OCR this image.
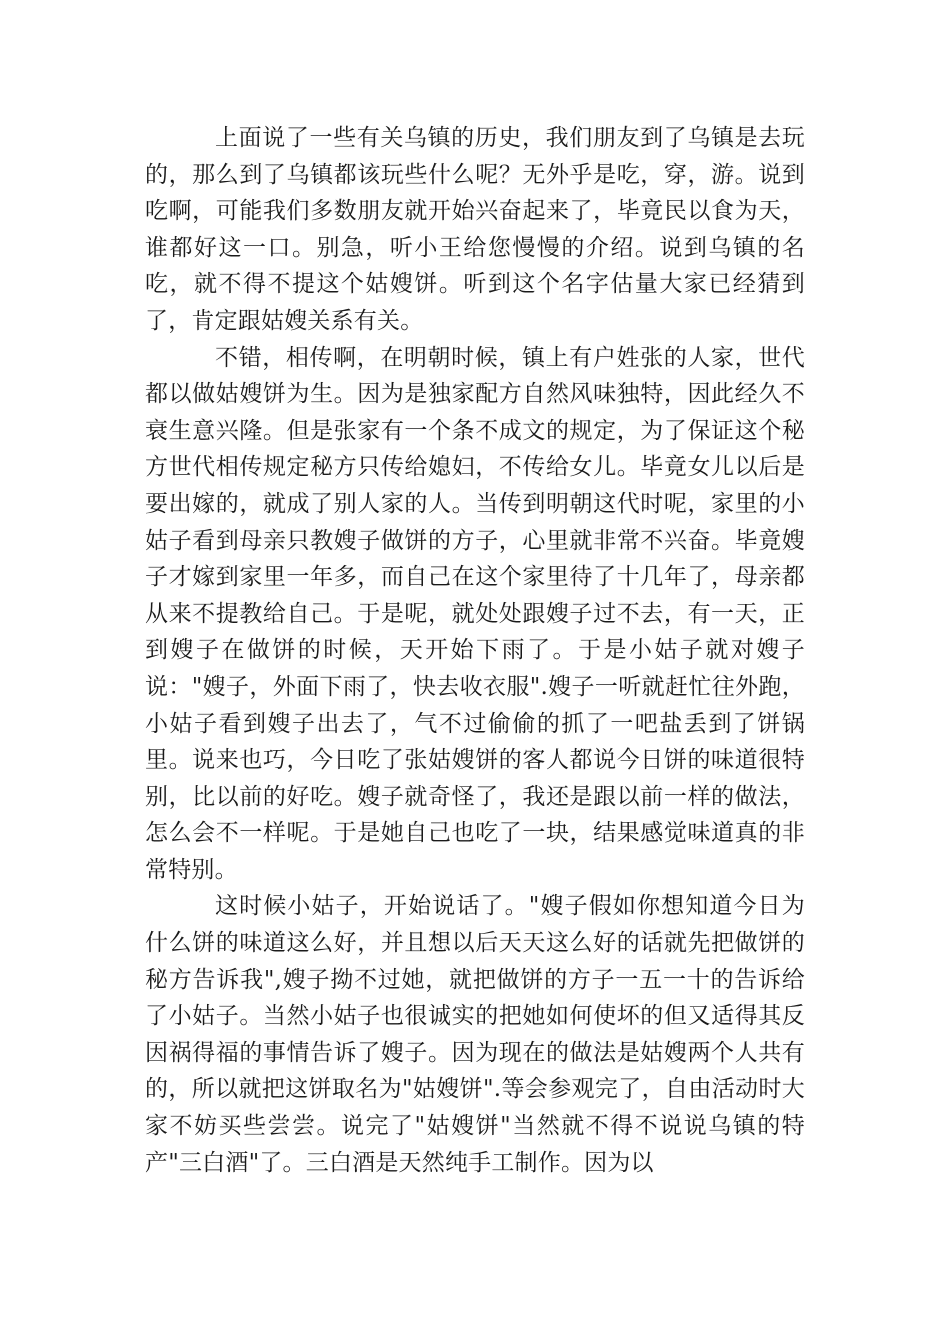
上面说了一些有关乌镇的历史，我们朋友到了乌镇是去玩的，那么到了乌镇都该玩些什么呢？无外乎是吃，穿，游。说到吃啊，可能我们多数朋友就开始兴奋起来了，毕竟民以食为天，谁都好这一口。别急，听小王给您慢慢的介绍。说到乌镇的名吃，就不得不提这个姑嫂饼。听到这个名字估量大家已经猜到了，肯定跟姑嫂关系有关。

不错，相传啊，在明朝时候，镇上有户姓张的人家，世代都以做姑嫂饼为生。因为是独家配方自然风味独特，因此经久不衰生意兴隆。但是张家有一个条不成文的规定，为了保证这个秘方世代相传规定秘方只传给媳妇，不传给女儿。毕竟女儿以后是要出嫁的，就成了别人家的人。当传到明朝这代时呢，家里的小姑子看到母亲只教嫂子做饼的方子，心里就非常不兴奋。毕竟嫂子才嫁到家里一年多，而自己在这个家里待了十几年了，母亲都从来不提教给自己。于是呢，就处处跟嫂子过不去，有一天，正到嫂子在做饼的时候，天开始下雨了。于是小姑子就对嫂子说："嫂子，外面下雨了，快去收衣服".嫂子一听就赶忙往外跑，小姑子看到嫂子出去了，气不过偷偷的抓了一吧盐丢到了饼锅里。说来也巧，今日吃了张姑嫂饼的客人都说今日饼的味道很特别，比以前的好吃。嫂子就奇怪了，我还是跟以前一样的做法，怎么会不一样呢。于是她自己也吃了一块，结果感觉味道真的非常特别。

这时候小姑子，开始说话了。"嫂子假如你想知道今日为什么饼的味道这么好，并且想以后天天这么好的话就先把做饼的秘方告诉我",嫂子拗不过她，就把做饼的方子一五一十的告诉给了小姑子。当然小姑子也很诚实的把她如何使坏的但又适得其反因祸得福的事情告诉了嫂子。因为现在的做法是姑嫂两个人共有的，所以就把这饼取名为"姑嫂饼".等会参观完了，自由活动时大家不妨买些尝尝。说完了"姑嫂饼"当然就不得不说说乌镇的特产"三白酒"了。三白酒是天然纯手工制作。因为以
